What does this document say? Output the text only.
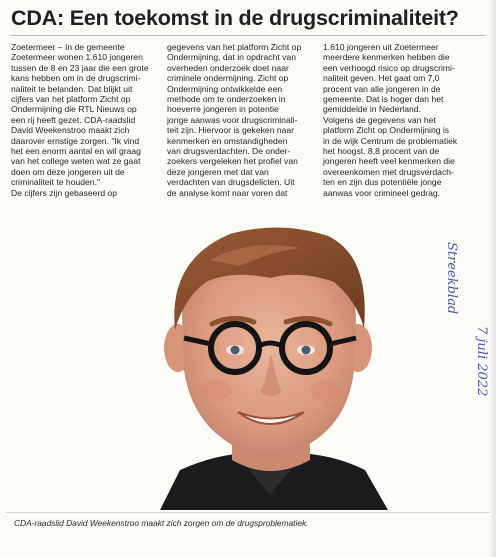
CDA: Een toekomst in de drugscriminaliteit?
Zoetermeer – In de gemeente
Zoetermeer wonen 1.610 jongeren
tussen de 8 en 23 jaar die een grote
kans hebben om in de drugscrimi-
naliteit te belanden. Dat blijkt uit
cijfers van het platform Zicht op
Ondermijning die RTL Nieuws op
een rij heeft gezet. CDA-raadslid
David Weekenstroo maakt zich
daarover ernstige zorgen. "Ik vind
het een enorm aantal en wil graag
van het college weten wat ze gaat
doen om deze jongeren uit de
criminaliteit te houden."
De cijfers zijn gebaseerd op
gegevens van het platform Zicht op
Ondermijning, dat in opdracht van
overheden onderzoek doet naar
criminele ondermijning. Zicht op
Ondermijning ontwikkelde een
methode om te onderzoeken in
hoeverre jongeren in potentie
jonge aanwas voor drugscriminali-
teit zijn. Hiervoor is gekeken naar
kenmerken en omstandigheden
van drugsverdachten. De onder-
zoekers vergeleken het profiel van
deze jongeren met dat van
verdachten van drugsdelicten. Uit
de analyse komt naar voren dat
1.610 jongeren uit Zoetermeer
meerdere kenmerken hebben die
een verhoogd risico op drugscrimi-
naliteit geven. Het gaat om 7,0
procent van alle jongeren in de
gemeente. Dat is hoger dan het
gemiddelde in Nederland.
Volgens de gegevens van het
platform Zicht op Ondermijning is
in de wijk Centrum de problematiek
het hoogst. 8,8 procent van de
jongeren heeft veel kenmerken die
overeenkomen met drugsverdach-
ten en zijn dus potentiële jonge
aanwas voor crimineel gedrag.
Streekblad
7 juli 2022
CDA-raadslid David Weekenstroo maakt zich zorgen om de drugsproblematiek.
